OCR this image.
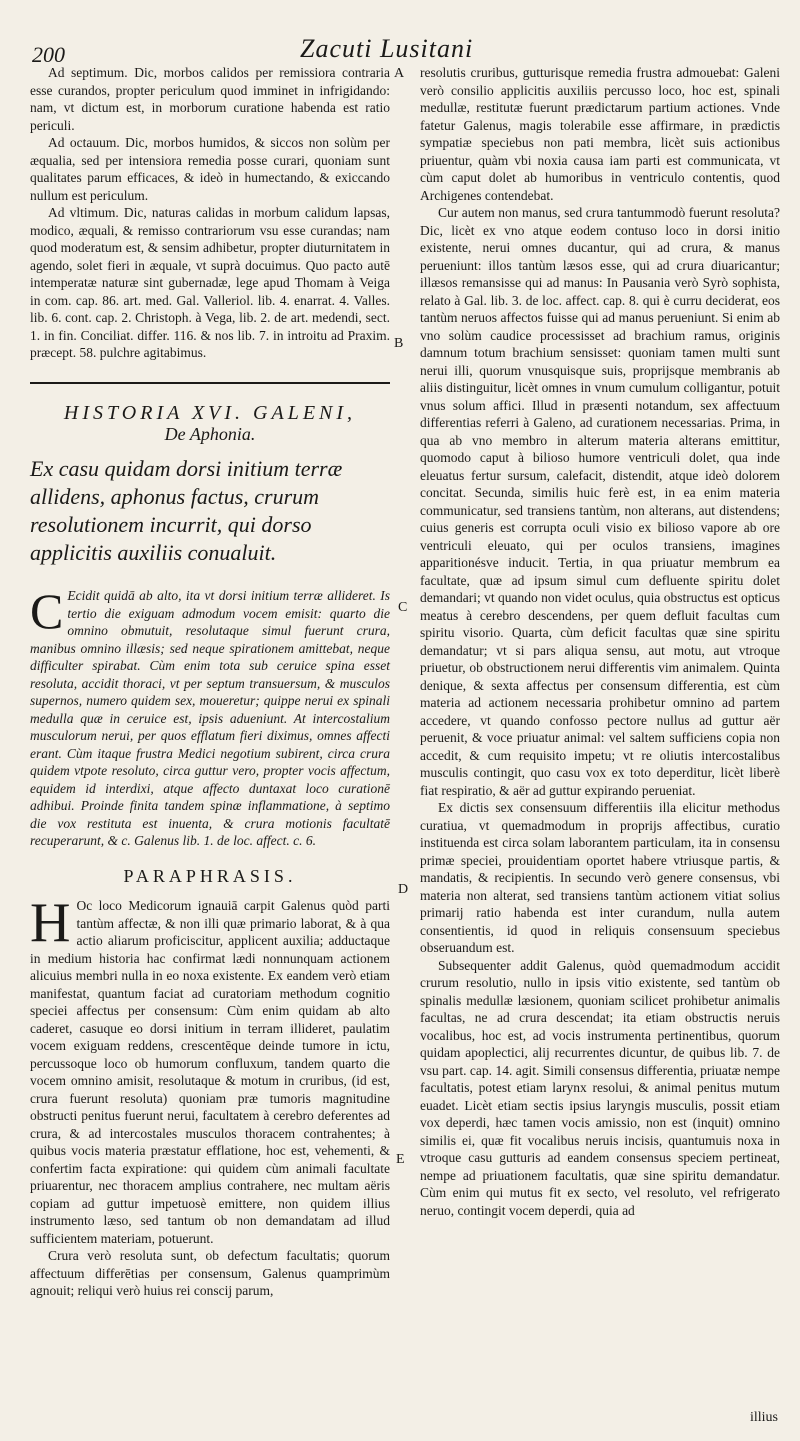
200	Zacuti Lusitani

Ad septimum. Dic, morbos calidos per remissiora contraria esse curandos, propter periculum quod imminet in infrigidando: nam, vt dictum est, in morborum curatione habenda est ratio periculi.

Ad octauum. Dic, morbos humidos, & siccos non solùm per æqualia, sed per intensiora remedia posse curari, quoniam sunt qualitates parum efficaces, & ideò in humectando, & exiccando nullum est periculum.

Ad vltimum. Dic, naturas calidas in morbum calidum lapsas, modico, æquali, & remisso contrariorum vsu esse curandas; nam quod moderatum est, & sensim adhibetur, propter diuturnitatem in agendo, solet fieri in æquale, vt suprà docuimus. Quo pacto autē intemperatæ naturæ sint gubernadæ, lege apud Thomam à Veiga in com. cap. 86. art. med. Gal. Valleriol. lib. 4. enarrat. 4. Valles. lib. 6. cont. cap. 2. Christoph. à Vega, lib. 2. de art. medendi, sect. 1. in fin. Conciliat. differ. 116. & nos lib. 7. in introitu ad Praxim. præcept. 58. pulchre agitabimus.

HISTORIA XVI. GALENI,
De Aphonia.
Ex casu quidam dorsi initium terræ allidens, aphonus factus, crurum resolutionem incurrit, qui dorso applicitis auxiliis conualuit.
C Ecidit quidā ab alto, ita vt dorsi initium terræ allideret. Is tertio die exiguam admodum vocem emisit: quarto die omnino obmutuit, resolutaque simul fuerunt crura, manibus omnino illæsis; sed neque spirationem amittebat, neque difficulter spirabat. Cùm enim tota sub ceruice spina esset resoluta, accidit thoraci, vt per septum transuersum, & musculos supernos, numero quidem sex, moueretur; quippe nerui ex spinali medulla quæ in ceruice est, ipsis adueniunt. At intercostalium musculorum nerui, per quos efflatum fieri diximus, omnes affecti erant. Cùm itaque frustra Medici negotium subirent, circa crura quidem vtpote resoluto, circa guttur vero, propter vocis affectum, equidem id interdixi, atque affecto duntaxat loco curationē adhibui. Proinde finita tandem spinæ inflammatione, à septimo die vox restituta est inuenta, & crura motionis facultatē recuperarunt, & c. Galenus lib. 1. de loc. affect. c. 6.
PARAPHRASIS.

H Oc loco Medicorum ignauiā carpit Galenus quòd parti tantùm affectæ, & non illi quæ primario laborat, & à qua actio aliarum proficiscitur, applicent auxilia; adductaque in medium historia hac confirmat lædi nonnunquam actionem alicuius membri nulla in eo noxa existente. Ex eandem verò etiam manifestat, quantum faciat ad curatoriam methodum cognitio speciei affectus per consensum: Cùm enim quidam ab alto caderet, casuque eo dorsi initium in terram illideret, paulatim vocem exiguam reddens, crescentēque deinde tumore in ictu, percussoque loco ob humorum confluxum, tandem quarto die vocem omnino amisit, resolutaque & motum in cruribus, (id est, crura fuerunt resoluta) quoniam præ tumoris magnitudine obstructi penitus fuerunt nerui, facultatem à cerebro deferentes ad crura, & ad intercostales musculos thoracem contrahentes; à quibus vocis materia præstatur efflatione, hoc est, vehementi, & confertim facta expiratione: qui quidem cùm animali facultate priuarentur, nec thoracem amplius contrahere, nec multam aëris copiam ad guttur impetuosè emittere, non quidem illius instrumento læso, sed tantum ob non demandatam ad illud sufficientem materiam, potuerunt.

Crura verò resoluta sunt, ob defectum facultatis; quorum affectuum differētias per consensum, Galenus quamprimùm agnouit; reliqui verò huius rei conscij parum,

A
B
C
D
E

resolutis cruribus, gutturisque remedia frustra admouebat: Galeni verò consilio applicitis auxiliis percusso loco, hoc est, spinali medullæ, restitutæ fuerunt prædictarum partium actiones. Vnde fatetur Galenus, magis tolerabile esse affirmare, in prædictis sympatiæ speciebus non pati membra, licèt suis actionibus priuentur, quàm vbi noxia causa iam parti est communicata, vt cùm caput dolet ab humoribus in ventriculo contentis, quod Archigenes contendebat.

Cur autem non manus, sed crura tantummodò fuerunt resoluta? Dic, licèt ex vno atque eodem contuso loco in dorsi initio existente, nerui omnes ducantur, qui ad crura, & manus perueniunt: illos tantùm læsos esse, qui ad crura diuaricantur; illæsos remansisse qui ad manus: In Pausania verò Syrò sophista, relato à Gal. lib. 3. de loc. affect. cap. 8. qui è curru deciderat, eos tantùm neruos affectos fuisse qui ad manus perueniunt. Si enim ab vno solùm caudice processisset ad brachium ramus, originis damnum totum brachium sensisset: quoniam tamen multi sunt nerui illi, quorum vnusquisque suis, proprijsque membranis ab aliis distinguitur, licèt omnes in vnum cumulum colligantur, potuit vnus solum affici. Illud in præsenti notandum, sex affectuum differentias referri à Galeno, ad curationem necessarias. Prima, in qua ab vno membro in alterum materia alterans emittitur, quomodo caput à bilioso humore ventriculi dolet, qua inde eleuatus fertur sursum, calefacit, distendit, atque ideò dolorem concitat. Secunda, similis huic ferè est, in ea enim materia communicatur, sed transiens tantùm, non alterans, aut distendens; cuius generis est corrupta oculi visio ex bilioso vapore ab ore ventriculi eleuato, qui per oculos transiens, imagines apparitionésve inducit. Tertia, in qua priuatur membrum ea facultate, quæ ad ipsum simul cum defluente spiritu dolet demandari; vt quando non videt oculus, quia obstructus est opticus meatus à cerebro descendens, per quem defluit facultas cum spiritu visorio. Quarta, cùm deficit facultas quæ sine spiritu demandatur; vt si pars aliqua sensu, aut motu, aut vtroque priuetur, ob obstructionem nerui differentis vim animalem. Quinta denique, & sexta affectus per consensum differentia, est cùm materia ad actionem necessaria prohibetur omnino ad partem accedere, vt quando confosso pectore nullus ad guttur aër peruenit, & voce priuatur animal: vel saltem sufficiens copia non accedit, & cum requisito impetu; vt re oliutis intercostalibus musculis contingit, quo casu vox ex toto deperditur, licèt liberè fiat respiratio, & aër ad guttur expirando perueniat.

Ex dictis sex consensuum differentiis illa elicitur methodus curatiua, vt quemadmodum in proprijs affectibus, curatio instituenda est circa solam laborantem particulam, ita in consensu primæ speciei, prouidentiam oportet habere vtriusque partis, & mandatis, & recipientis. In secundo verò genere consensus, vbi materia non alterat, sed transiens tantùm actionem vitiat solius primarij ratio habenda est inter curandum, nulla autem consentientis, id quod in reliquis consensuum speciebus obseruandum est.

Subsequenter addit Galenus, quòd quemadmodum accidit crurum resolutio, nullo in ipsis vitio existente, sed tantùm ob spinalis medullæ læsionem, quoniam scilicet prohibetur animalis facultas, ne ad crura descendat; ita etiam obstructis neruis vocalibus, hoc est, ad vocis instrumenta pertinentibus, quorum quidam apoplectici, alij recurrentes dicuntur, de quibus lib. 7. de vsu part. cap. 14. agit. Simili consensus differentia, priuatæ nempe facultatis, potest etiam larynx resolui, & animal penitus mutum euadet. Licèt etiam sectis ipsius laryngis musculis, possit etiam vox deperdi, hæc tamen vocis amissio, non est (inquit) omnino similis ei, quæ fit vocalibus neruis incisis, quantumuis noxa in vtroque casu gutturis ad eandem consensus speciem pertineat, nempe ad priuationem facultatis, quæ sine spiritu demandatur. Cùm enim qui mutus fit ex secto, vel resoluto, vel refrigerato neruo, contingit vocem deperdi, quia ad

illius
